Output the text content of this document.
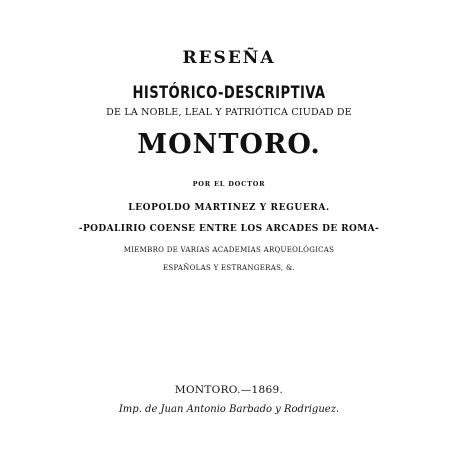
RESEÑA
HISTÓRICO-DESCRIPTIVA
DE LA NOBLE, LEAL Y PATRIÓTICA CIUDAD DE
MONTORO.
POR EL DOCTOR
LEOPOLDO MARTINEZ Y REGUERA.
-PODALIRIO COENSE ENTRE LOS ARCADES DE ROMA-
MIEMBRO DE VARIAS ACADEMIAS ARQUEOLÓGICAS
ESPAÑOLAS Y ESTRANGERAS, &.
MONTORO.—1869.
Imp. de Juan Antonio Barbado y Rodriguez.
